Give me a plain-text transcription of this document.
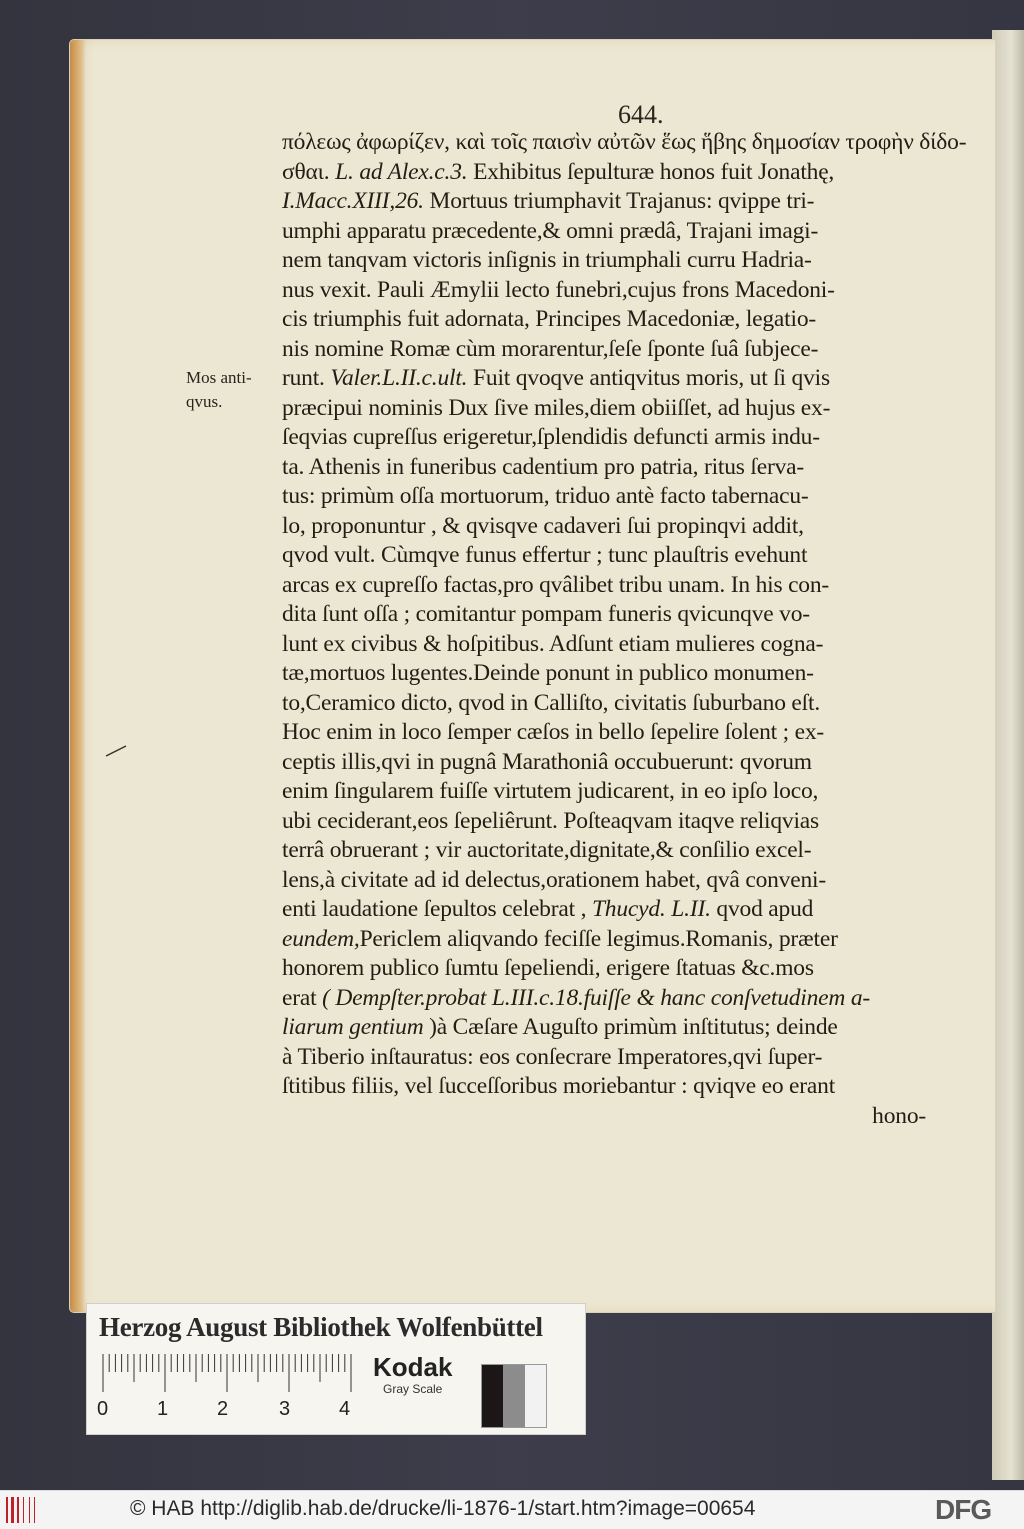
644.
Mos anti-
qvus.
πόλεως ἀφωρίζεν, καὶ τοῖς παισὶν αὐτῶν ἕως ἥβης δημοσίαν τροφὴν δίδο-
σθαι. L. ad Alex.c.3. Exhibitus ſepulturæ honos fuit Jonathę,
I.Macc.XIII,26. Mortuus triumphavit Trajanus: qvippe tri-
umphi apparatu præcedente,& omni prædâ, Trajani imagi-
nem tanqvam victoris inſignis in triumphali curru Hadria-
nus vexit. Pauli Æmylii lecto funebri,cujus frons Macedoni-
cis triumphis fuit adornata, Principes Macedoniæ, legatio-
nis nomine Romæ cùm morarentur,ſeſe ſponte ſuâ ſubjece-
runt. Valer.L.II.c.ult. Fuit qvoqve antiqvitus moris, ut ſi qvis
præcipui nominis Dux ſive miles,diem obiiſſet, ad hujus ex-
ſeqvias cupreſſus erigeretur,ſplendidis defuncti armis indu-
ta. Athenis in funeribus cadentium pro patria, ritus ſerva-
tus: primùm oſſa mortuorum, triduo antè facto tabernacu-
lo, proponuntur , & qvisqve cadaveri ſui propinqvi addit,
qvod vult. Cùmqve funus effertur ; tunc plauſtris evehunt
arcas ex cupreſſo factas,pro qvâlibet tribu unam. In his con-
dita ſunt oſſa ; comitantur pompam funeris qvicunqve vo-
lunt ex civibus & hoſpitibus. Adſunt etiam mulieres cogna-
tæ,mortuos lugentes.Deinde ponunt in publico monumen-
to,Ceramico dicto, qvod in Calliſto, civitatis ſuburbano eſt.
Hoc enim in loco ſemper cæſos in bello ſepelire ſolent ; ex-
ceptis illis,qvi in pugnâ Marathoniâ occubuerunt: qvorum
enim ſingularem fuiſſe virtutem judicarent, in eo ipſo loco,
ubi ceciderant,eos ſepeliêrunt. Poſteaqvam itaqve reliqvias
terrâ obruerant ; vir auctoritate,dignitate,& conſilio excel-
lens,à civitate ad id delectus,orationem habet, qvâ conveni-
enti laudatione ſepultos celebrat , Thucyd. L.II. qvod apud
eundem,Periclem aliqvando feciſſe legimus.Romanis, præter
honorem publico ſumtu ſepeliendi, erigere ſtatuas &c.mos
erat ( Dempſter.probat L.III.c.18.fuiſſe & hanc conſvetudinem a-
liarum gentium )à Cæſare Auguſto primùm inſtitutus; deinde
à Tiberio inſtauratus: eos conſecrare Imperatores,qvi ſuper-
ſtitibus filiis, vel ſucceſſoribus moriebantur : qviqve eo erant
hono-
Herzog August Bibliothek Wolfenbüttel
0 1 2	3 4
Kodak
Gray Scale
© HAB http://diglib.hab.de/drucke/li-1876-1/start.htm?image=00654	DFG
